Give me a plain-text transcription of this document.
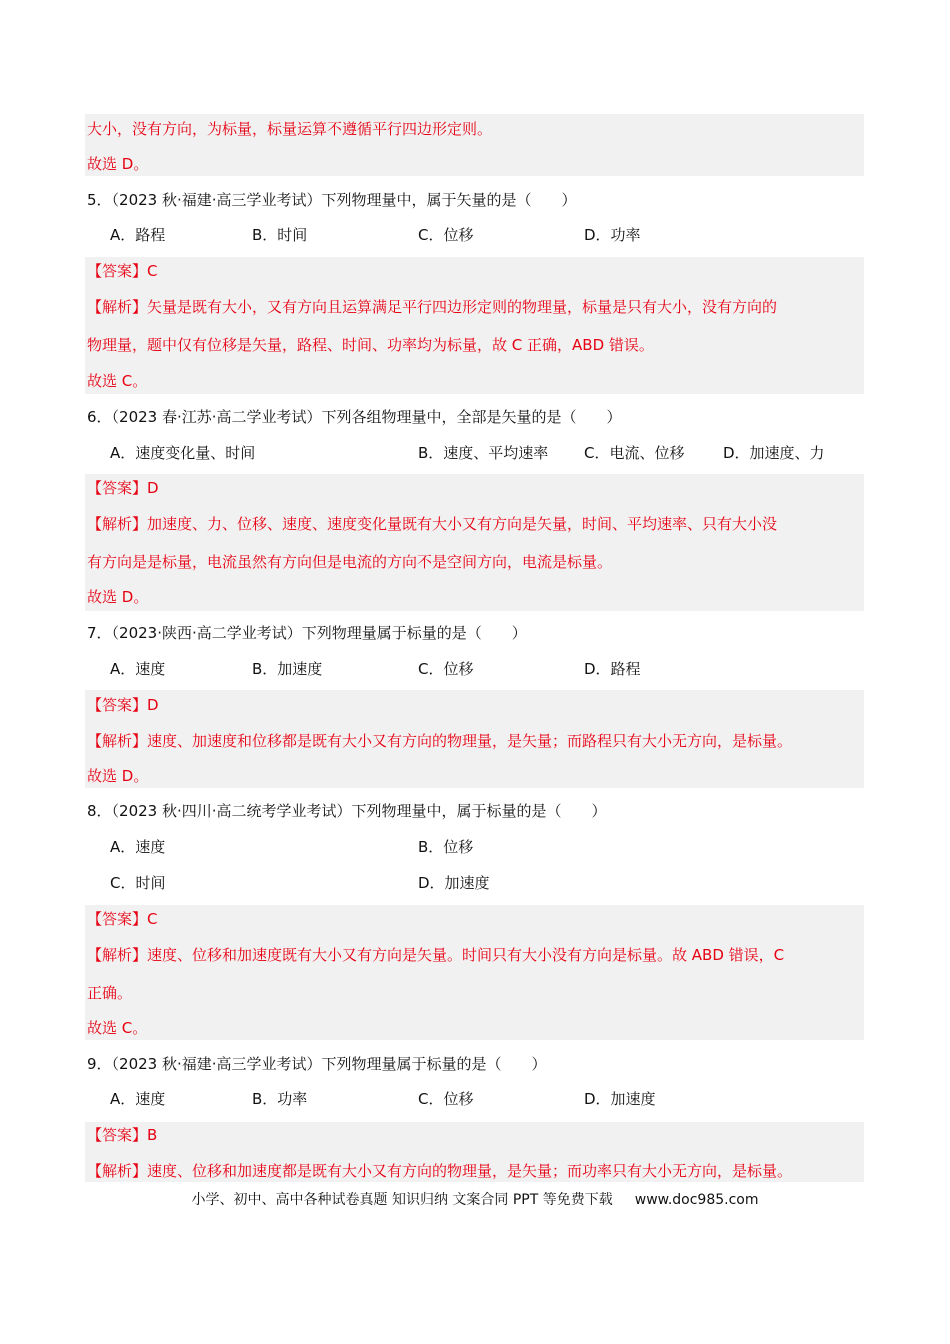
大小，没有方向，为标量，标量运算不遵循平行四边形定则。
故选 D。
5．（2023 秋·福建·高三学业考试）下列物理量中，属于矢量的是（　　）
A．路程	B．时间	C．位移	D．功率
【答案】C
【解析】矢量是既有大小，又有方向且运算满足平行四边形定则的物理量，标量是只有大小，没有方向的
物理量，题中仅有位移是矢量，路程、时间、功率均为标量，故 C 正确，ABD 错误。
故选 C。
6．（2023 春·江苏·高二学业考试）下列各组物理量中，全部是矢量的是（　　）
A．速度变化量、时间	B．速度、平均速率 C．电流、位移	D．加速度、力
【答案】D
【解析】加速度、力、位移、速度、速度变化量既有大小又有方向是矢量，时间、平均速率、只有大小没
有方向是是标量，电流虽然有方向但是电流的方向不是空间方向，电流是标量。
故选 D。
7．（2023·陕西·高二学业考试）下列物理量属于标量的是（　　）
A．速度	B．加速度	C．位移	D．路程
【答案】D
【解析】速度、加速度和位移都是既有大小又有方向的物理量，是矢量；而路程只有大小无方向，是标量。
故选 D。
8．（2023 秋·四川·高二统考学业考试）下列物理量中，属于标量的是（　　）
A．速度	B．位移
C．时间	D．加速度
【答案】C
【解析】速度、位移和加速度既有大小又有方向是矢量。时间只有大小没有方向是标量。故 ABD 错误，C
正确。
故选 C。
9．（2023 秋·福建·高三学业考试）下列物理量属于标量的是（　　）
A．速度	B．功率	C．位移	D．加速度
【答案】B
【解析】速度、位移和加速度都是既有大小又有方向的物理量，是矢量；而功率只有大小无方向，是标量。
小学、初中、高中各种试卷真题 知识归纳 文案合同 PPT 等免费下载 www.doc985.com
